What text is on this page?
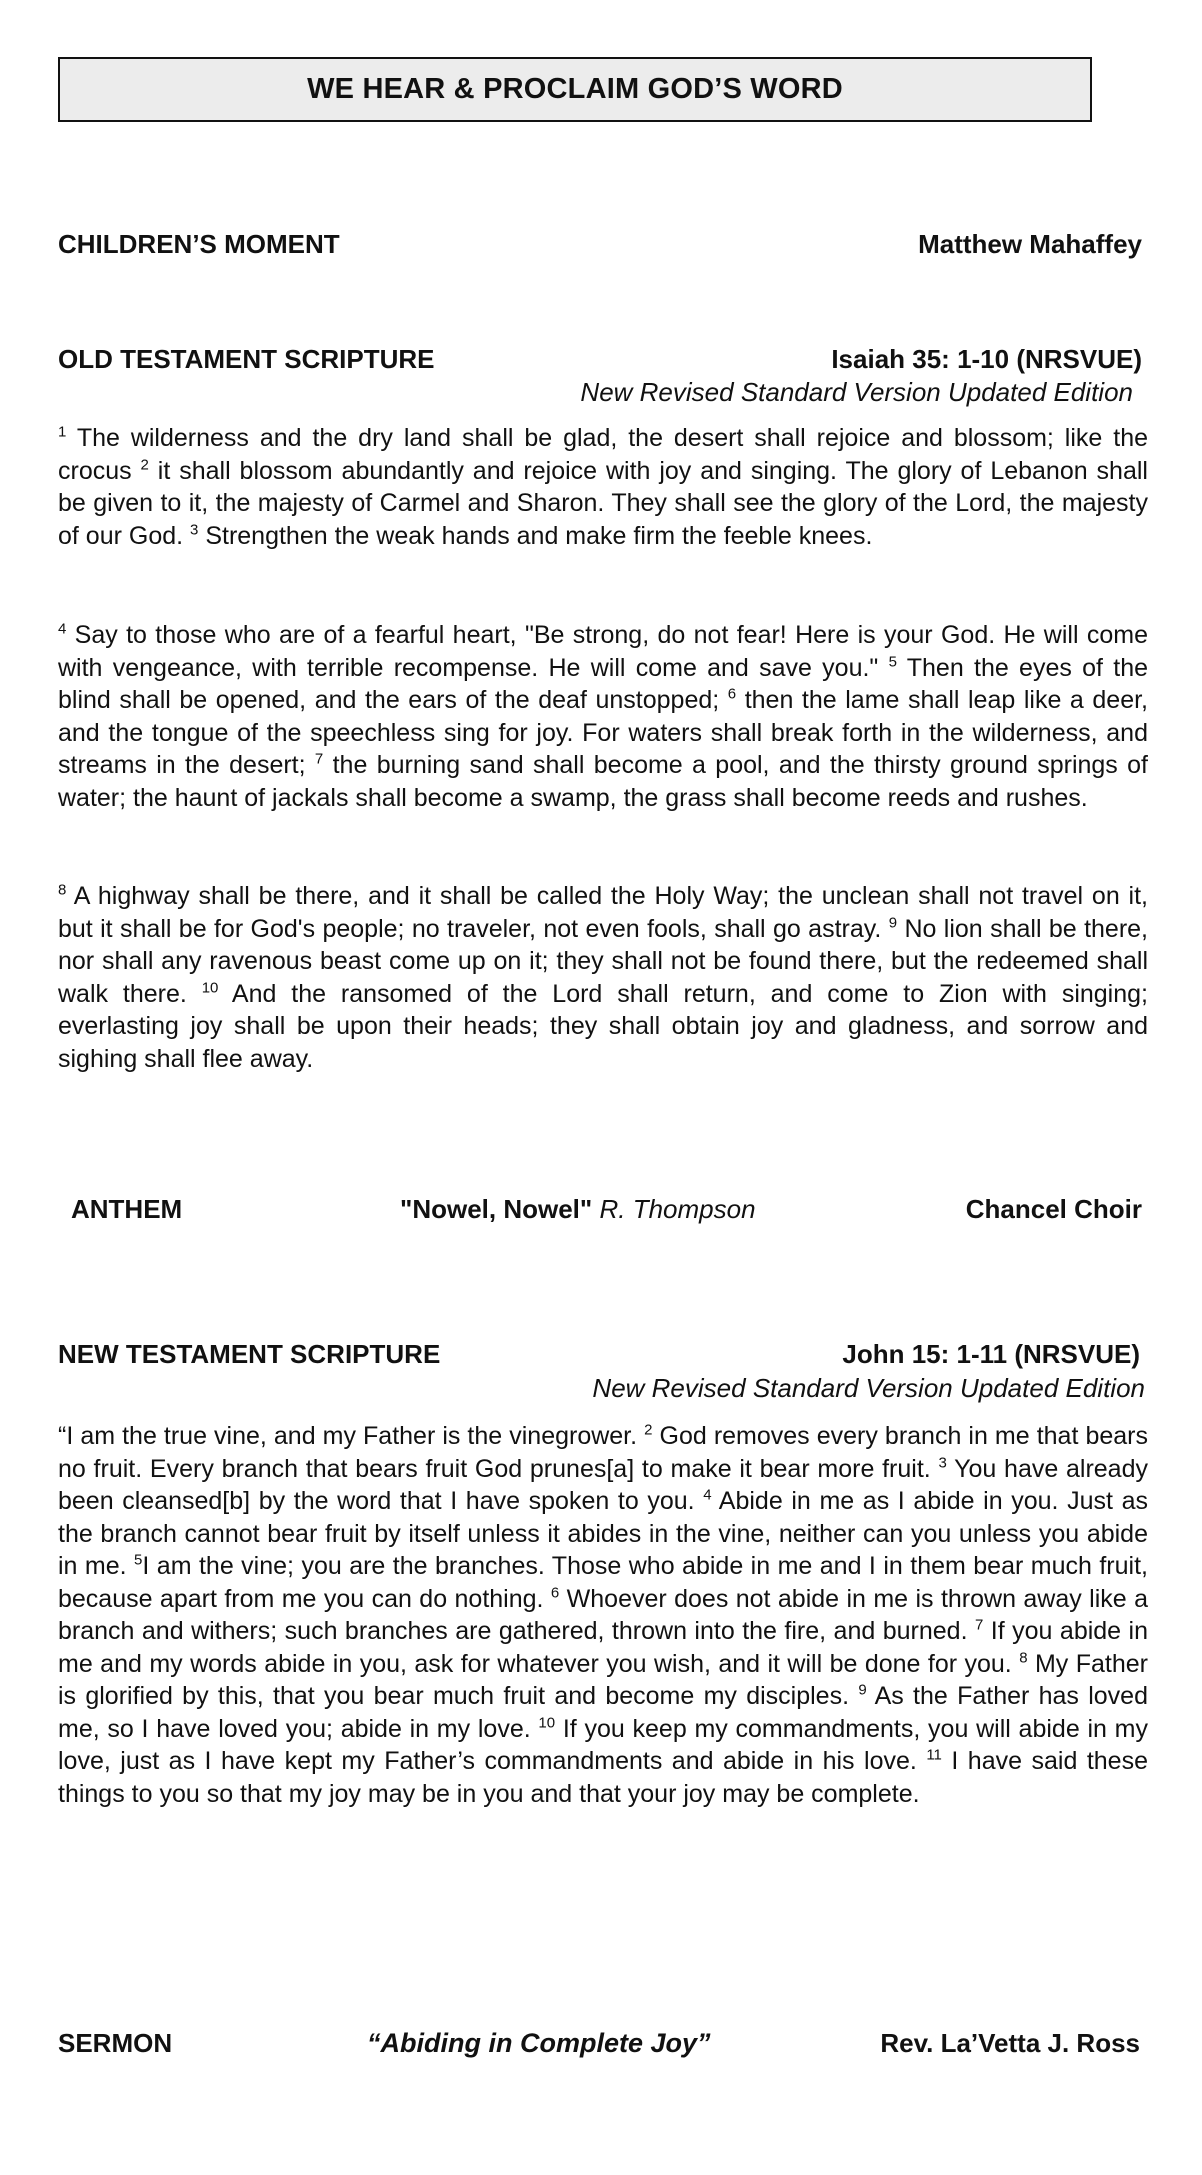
WE HEAR & PROCLAIM GOD’S WORD
CHILDREN’S MOMENT	Matthew Mahaffey
OLD TESTAMENT SCRIPTURE	Isaiah 35: 1-10 (NRSVUE)
New Revised Standard Version Updated Edition

$^1$ The wilderness and the dry land shall be glad, the desert shall rejoice and blossom; like the crocus $^2$ it shall blossom abundantly and rejoice with joy and singing. The glory of Lebanon shall be given to it, the majesty of Carmel and Sharon. They shall see the glory of the Lord, the majesty of our God. $^3$ Strengthen the weak hands and make firm the feeble knees.

$^4$ Say to those who are of a fearful heart, "Be strong, do not fear! Here is your God. He will come with vengeance, with terrible recompense. He will come and save you." $^5$ Then the eyes of the blind shall be opened, and the ears of the deaf unstopped; $^6$ then the lame shall leap like a deer, and the tongue of the speechless sing for joy. For waters shall break forth in the wilderness, and streams in the desert; $^7$ the burning sand shall become a pool, and the thirsty ground springs of water; the haunt of jackals shall become a swamp, the grass shall become reeds and rushes.

$^8$ A highway shall be there, and it shall be called the Holy Way; the unclean shall not travel on it, but it shall be for God's people; no traveler, not even fools, shall go astray. $^9$ No lion shall be there, nor shall any ravenous beast come up on it; they shall not be found there, but the redeemed shall walk there. $^{10}$ And the ransomed of the Lord shall return, and come to Zion with singing; everlasting joy shall be upon their heads; they shall obtain joy and gladness, and sorrow and sighing shall flee away.

ANTHEM	"Nowel, Nowel" R. Thompson	Chancel Choir
NEW TESTAMENT SCRIPTURE	John 15: 1-11 (NRSVUE)
New Revised Standard Version Updated Edition

“I am the true vine, and my Father is the vinegrower. $^2$ God removes every branch in me that bears no fruit. Every branch that bears fruit God prunes[a] to make it bear more fruit. $^3$ You have already been cleansed[b] by the word that I have spoken to you. $^4$ Abide in me as I abide in you. Just as the branch cannot bear fruit by itself unless it abides in the vine, neither can you unless you abide in me. $^5$I am the vine; you are the branches. Those who abide in me and I in them bear much fruit, because apart from me you can do nothing. $^6$ Whoever does not abide in me is thrown away like a branch and withers; such branches are gathered, thrown into the fire, and burned. $^7$ If you abide in me and my words abide in you, ask for whatever you wish, and it will be done for you. $^8$ My Father is glorified by this, that you bear much fruit and become my disciples. $^9$ As the Father has loved me, so I have loved you; abide in my love. $^{10}$ If you keep my commandments, you will abide in my love, just as I have kept my Father’s commandments and abide in his love. $^{11}$ I have said these things to you so that my joy may be in you and that your joy may be complete.

SERMON	“Abiding in Complete Joy”	Rev. La’Vetta J. Ross
